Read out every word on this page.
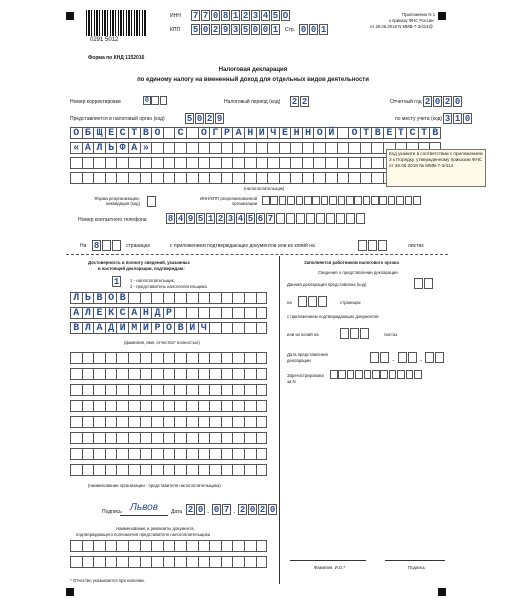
0291 5012
ИНН 7 7 0 8 1 2 3 4 5 О
КПП 5 0 2 9 3 5 0 0 1	Стр. 0 0 1
Приложение N 1
к приказу ФНС России
от 26.06.2018 N ММВ-7-3/414@
Форма по КНД 1152016
Налоговая декларация
по единому налогу на вмененный доход для отдельных видов деятельности
Номер корректировки	0	Налоговый период (код) 2 2	Отчетный год 2 0 2 0
Представляется в налоговый орган (код) 5 0 2 9	по месту учета (код) 3 1 0
О Б Щ Е С Т В О	С	О Г Р А Н И Ч Е Н Н О Й	О Т В Е Т С Т В
« А Л Ь Ф А »
(налогоплательщик)
Код укажите в соответствии с приложением 3 к Порядку, утвержденному приказом ФНС от 26.06.2018 № ММВ-7-3/414
Форма реорганизации, ликвидация (код)
ИНН/КПП реорганизованной организации
Номер контактного телефона 8 4 9 5 1 2 3 4 5 6 7
На 8	страницах	с приложением подтверждающих документов или их копий на	листах
Достоверность и полноту сведений, указанных
в настоящей декларации, подтверждаю:
1	1 - налогоплательщик,
2 - представитель налогоплательщика
Л Ь В О В
А Л Е К С А Н Д Р
В Л А Д И М И Р О В И Ч
(фамилия, имя, отчество* полностью)
(наименование организации - представителя налогоплательщика)
Подпись Львов	Дата 2 0 . 0 7 . 2 0 2 0
Наименование и реквизиты документа,
подтверждающего полномочия представителя налогоплательщика
* Отчество указывается при наличии.
Заполняется работником налогового органа
Сведения о представлении декларации
Данная декларация представлена (код)
на	страницах
с приложением подтверждающих документов
или их копий на	листах
Дата представления
декларации	.	.
Зарегистрирована
за N
Фамилия, И.О.*	Подпись
